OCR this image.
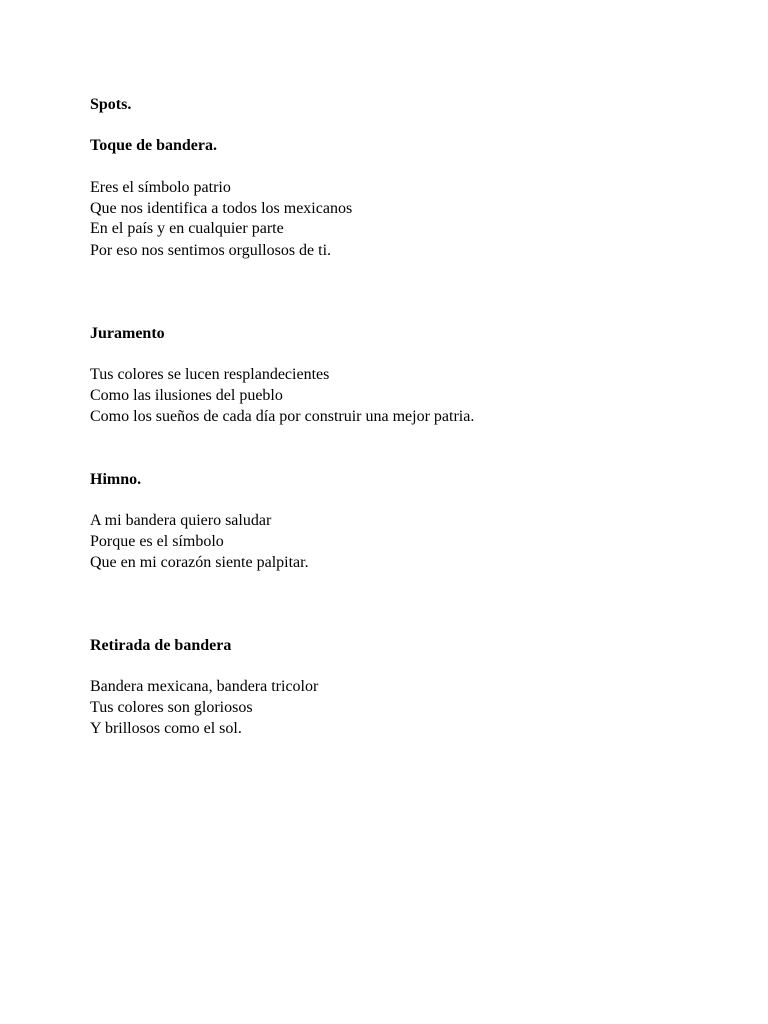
Spots.
Toque de bandera.
Eres el símbolo patrio
Que nos identifica a todos los mexicanos
En el país y en cualquier parte
Por eso nos sentimos orgullosos de ti.
Juramento
Tus colores se lucen resplandecientes
Como las ilusiones del pueblo
Como los sueños de cada día por construir una mejor patria.
Himno.
A mi bandera quiero saludar
Porque es el símbolo
Que en mi corazón siente palpitar.
Retirada de bandera
Bandera mexicana, bandera tricolor
Tus colores son gloriosos
Y brillosos como el sol.
